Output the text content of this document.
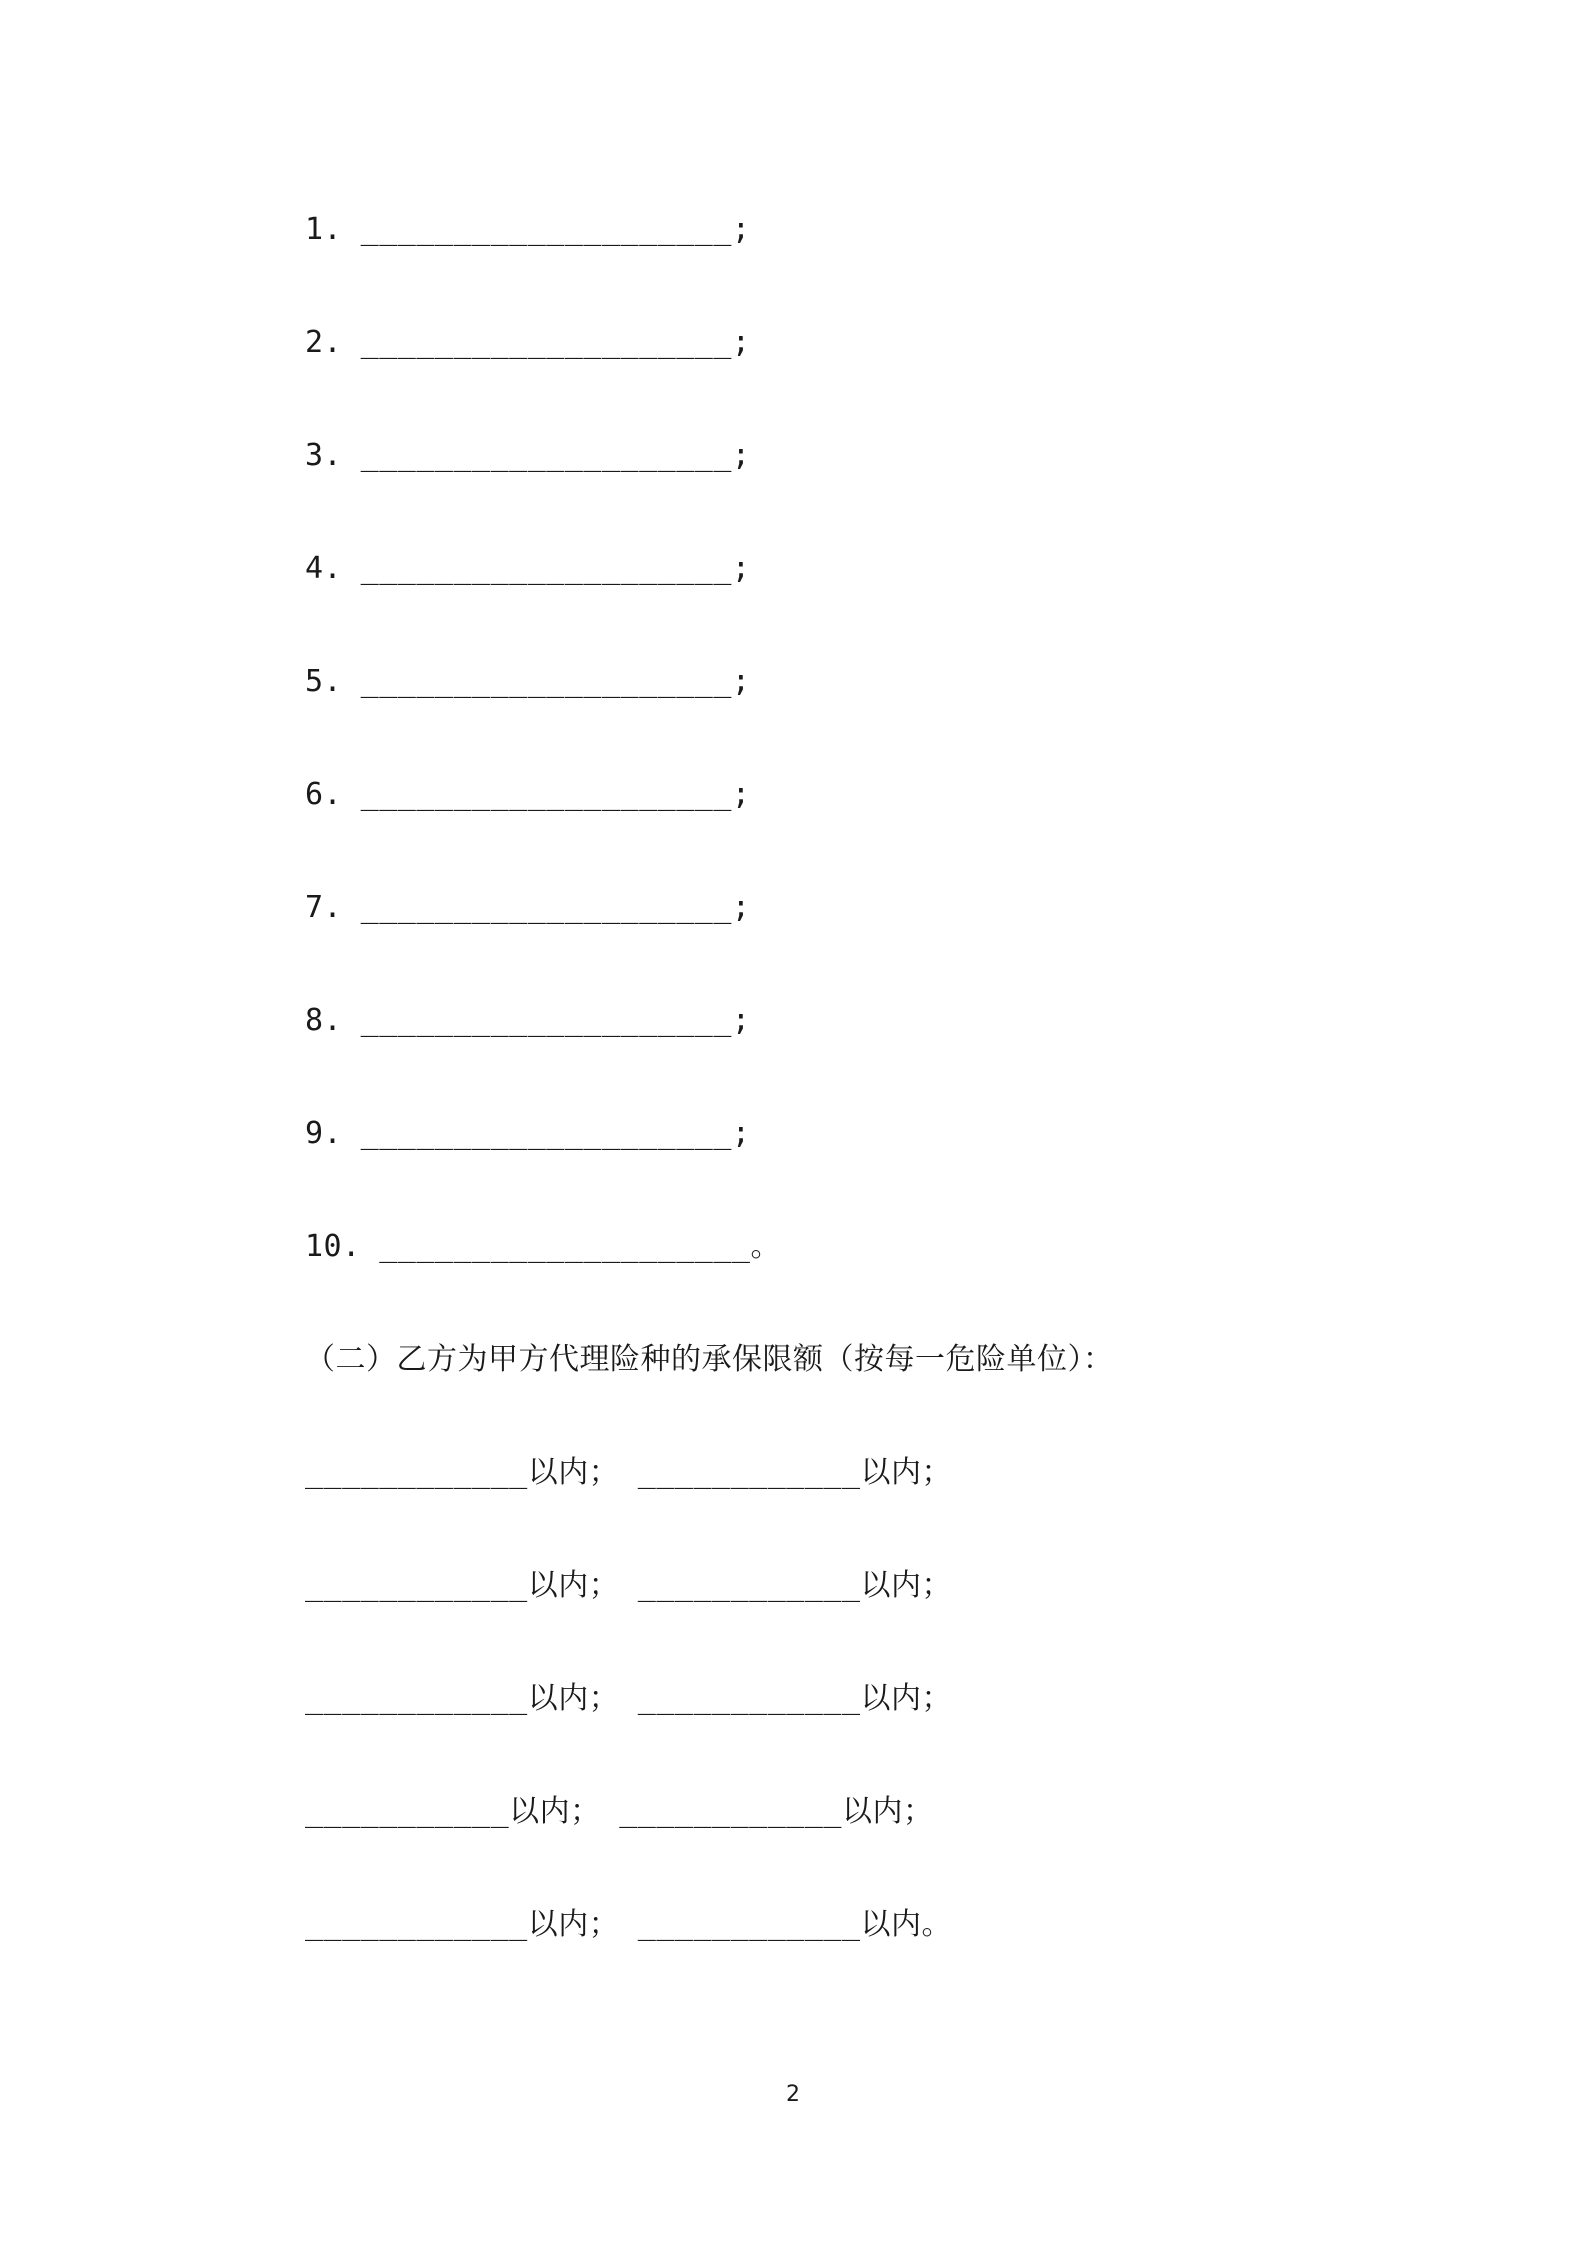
1. ____________________;
2. ____________________;
3. ____________________;
4. ____________________;
5. ____________________;
6. ____________________;
7. ____________________;
8. ____________________;
9. ____________________;
10. ____________________。
（二）乙方为甲方代理险种的承保限额（按每一危险单位）：
____________以内； ____________以内；
____________以内； ____________以内；
____________以内； ____________以内；
___________以内； ____________以内；
____________以内； ____________以内。
2
